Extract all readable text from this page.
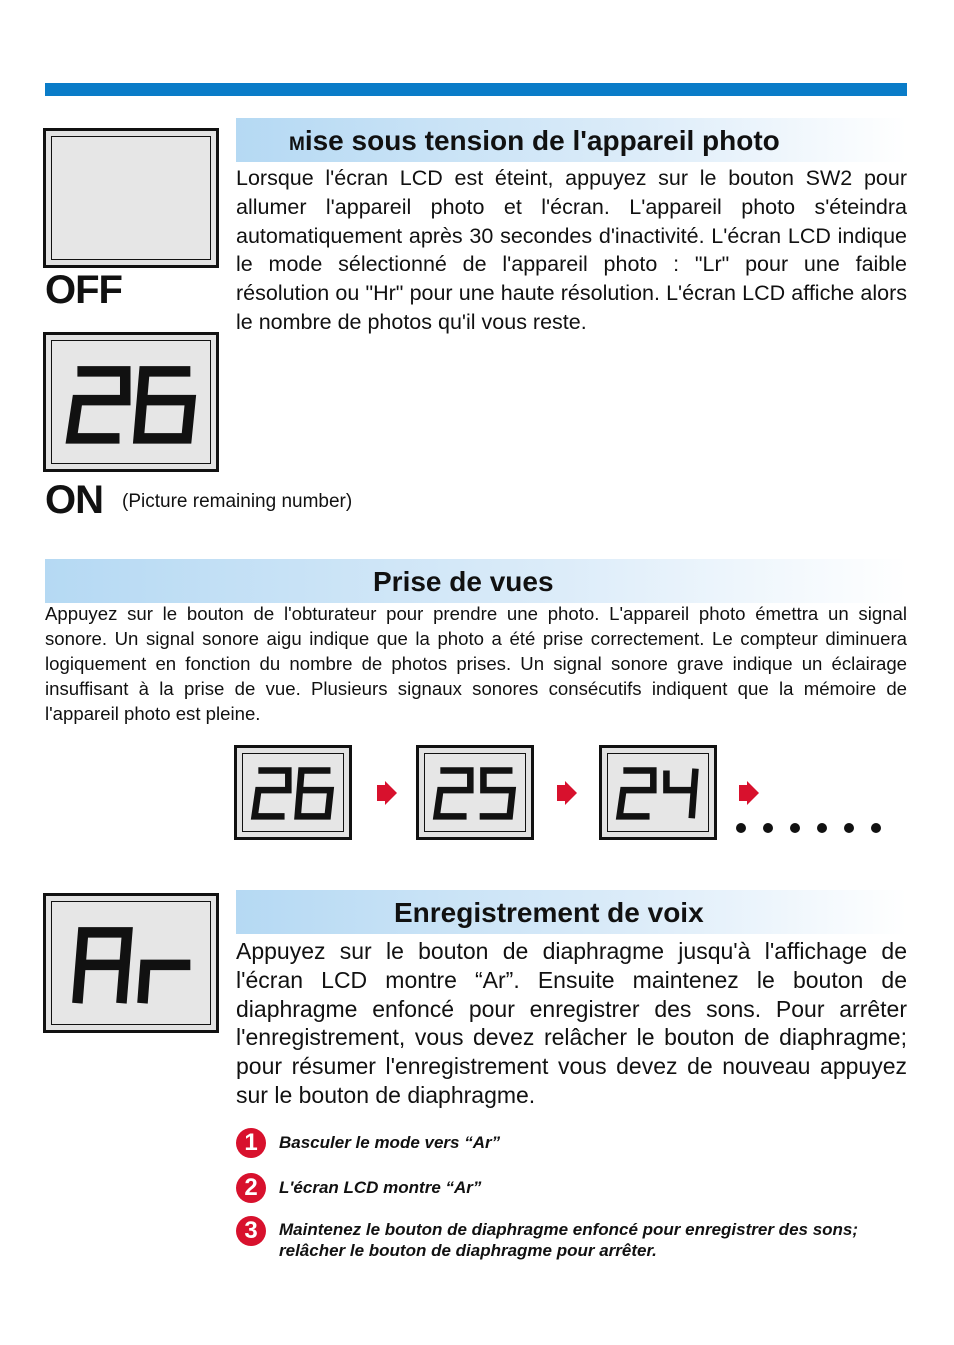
OFF
ON (Picture remaining number)
Mise sous tension de l'appareil photo
Lorsque l'écran LCD est éteint, appuyez sur le bouton SW2 pour allumer l'appareil photo et l'écran. L'appareil photo s'éteindra automatiquement après 30 secondes d'inactivité. L'écran LCD indique le mode sélectionné de l'appareil photo : "Lr" pour une faible résolution ou "Hr" pour une haute résolution. L'écran LCD affiche alors le nombre de photos qu'il vous reste.
Prise de vues
Appuyez sur le bouton de l'obturateur pour prendre une photo. L'appareil photo émettra un signal sonore. Un signal sonore aigu indique que la photo a été prise correctement. Le compteur diminuera logiquement en fonction du nombre de photos prises. Un signal sonore grave indique un éclairage insuffisant à la prise de vue. Plusieurs signaux sonores consécutifs indiquent que la mémoire de l'appareil photo est pleine.
Enregistrement de voix
Appuyez sur le bouton de diaphragme jusqu'à l'affichage de l'écran LCD montre “Ar”. Ensuite maintenez le bouton de diaphragme enfoncé pour enregistrer des sons. Pour arrêter l'enregistrement, vous devez relâcher le bouton de diaphragme; pour résumer l'enregistrement vous devez de nouveau appuyez sur le bouton de diaphragme.
1	Basculer le mode vers “Ar”
2	L'écran LCD montre “Ar”
3	Maintenez le bouton de diaphragme enfoncé pour enregistrer des sons; relâcher le bouton de diaphragme pour arrêter.
